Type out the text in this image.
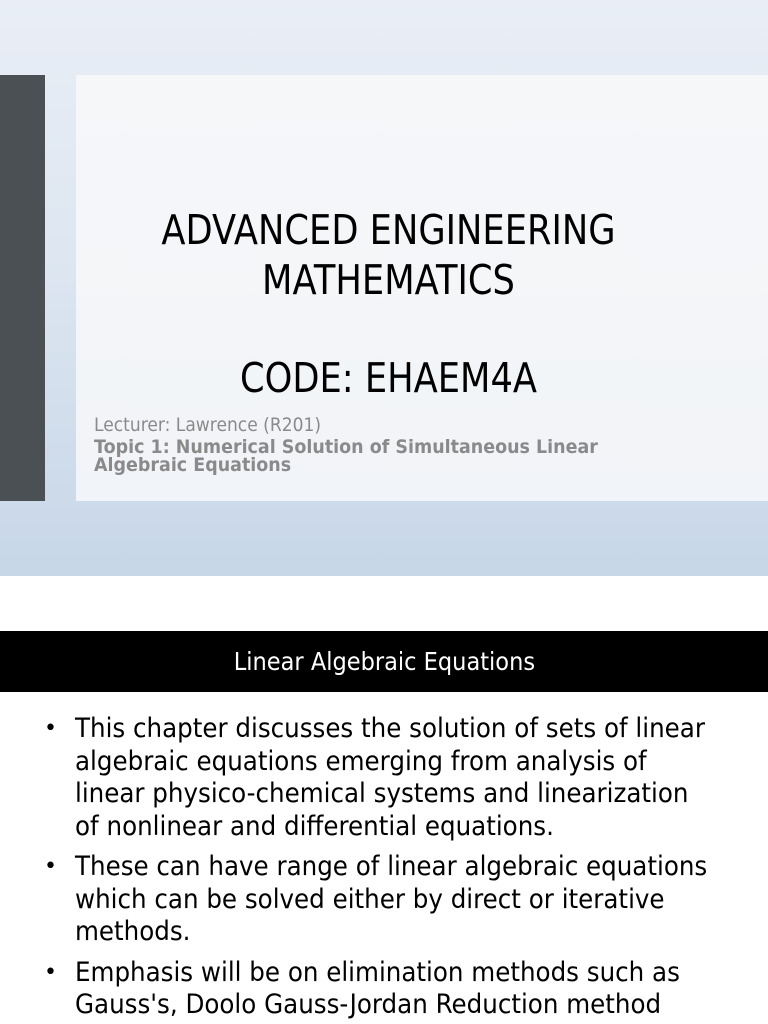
ADVANCED ENGINEERING
MATHEMATICS
CODE: EHAEM4A
Lecturer: Lawrence (R201)
Topic 1: Numerical Solution of Simultaneous Linear Algebraic Equations
Linear Algebraic Equations
• This chapter discusses the solution of sets of linear algebraic equations emerging from analysis of linear physico-chemical systems and linearization of nonlinear and differential equations.
• These can have range of linear algebraic equations which can be solved either by direct or iterative methods.
• Emphasis will be on elimination methods such as Gauss's, Doolo Gauss-Jordan Reduction method
